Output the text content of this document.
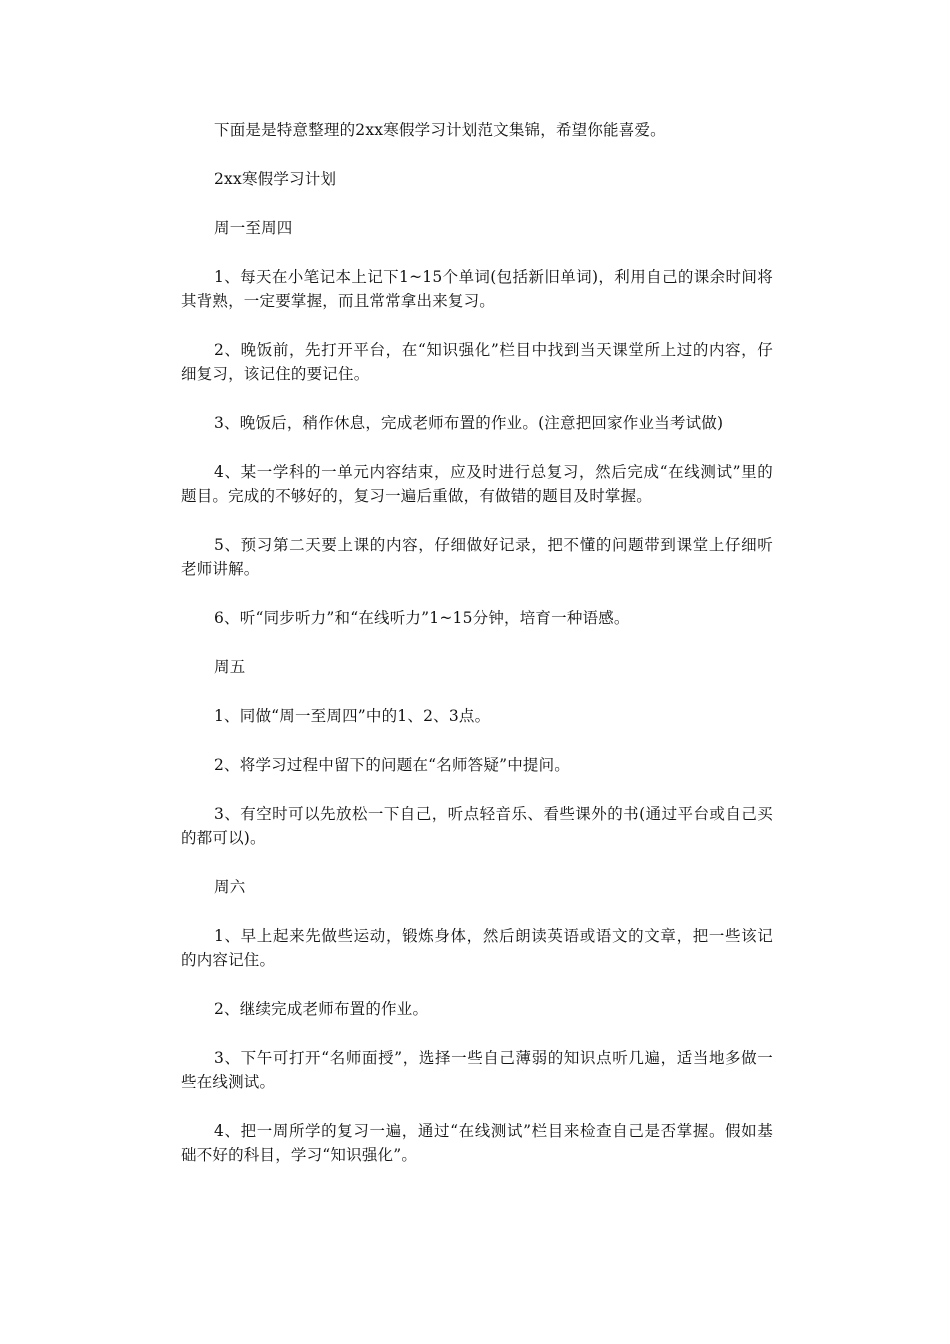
下面是是特意整理的2xx寒假学习计划范文集锦，希望你能喜爱。

2xx寒假学习计划

周一至周四

1、每天在小笔记本上记下1~15个单词(包括新旧单词)，利用自己的课余时间将其背熟，一定要掌握，而且常常拿出来复习。

2、晚饭前，先打开平台，在“知识强化”栏目中找到当天课堂所上过的内容，仔细复习，该记住的要记住。

3、晚饭后，稍作休息，完成老师布置的作业。(注意把回家作业当考试做)

4、某一学科的一单元内容结束，应及时进行总复习，然后完成“在线测试”里的题目。完成的不够好的，复习一遍后重做，有做错的题目及时掌握。

5、预习第二天要上课的内容，仔细做好记录，把不懂的问题带到课堂上仔细听老师讲解。

6、听“同步听力”和“在线听力”1~15分钟，培育一种语感。

周五

1、同做“周一至周四”中的1、2、3点。

2、将学习过程中留下的问题在“名师答疑”中提问。

3、有空时可以先放松一下自己，听点轻音乐、看些课外的书(通过平台或自己买的都可以)。

周六

1、早上起来先做些运动，锻炼身体，然后朗读英语或语文的文章，把一些该记的内容记住。

2、继续完成老师布置的作业。

3、下午可打开“名师面授”，选择一些自己薄弱的知识点听几遍，适当地多做一些在线测试。

4、把一周所学的复习一遍，通过“在线测试”栏目来检查自己是否掌握。假如基础不好的科目，学习“知识强化”。
